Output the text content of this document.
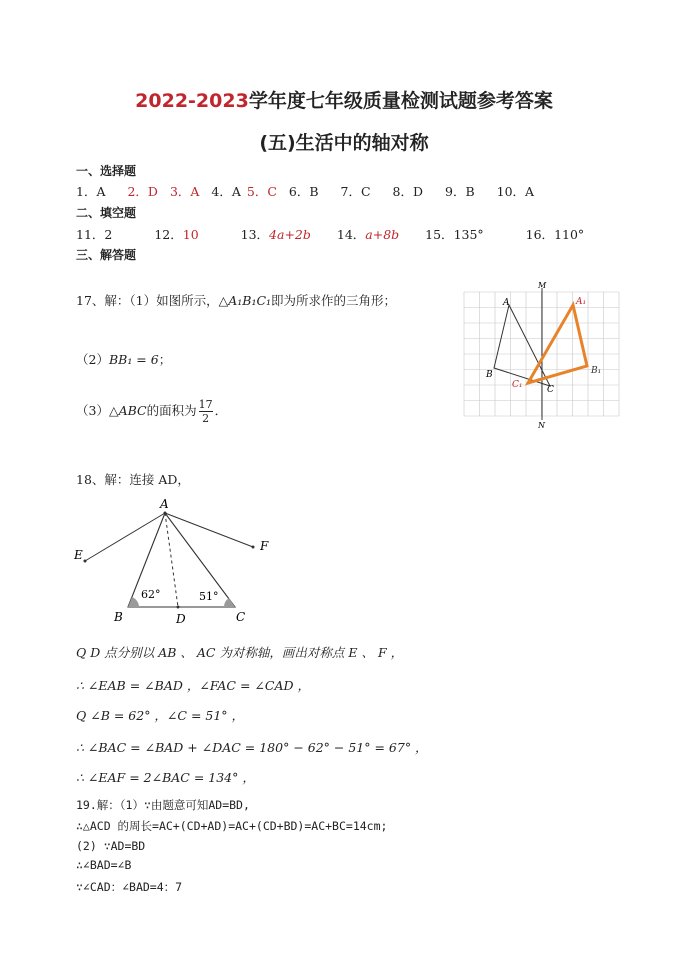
2022-2023学年度七年级质量检测试题参考答案
(五)生活中的轴对称
一、选择题
1．A 2．D 3．A 4．A 5．C 6．B 7．C 8．D 9．B 10．A
二、填空题
11．2	12．10	13．4a+2b 14．a+8b 15．135°	16．110°
三、解答题
17、解：（1）如图所示，△A₁B₁C₁即为所求作的三角形；
（2）BB₁ = 6；
（3）△ABC的面积为 $\frac{17}{2}$ ．
A
B
C
M
N
A₁
B₁
C₁
18、解：连接 AD，
A
B	C
D
E
F
62°	51°
Q D 点分别以 AB 、 AC 为对称轴，画出对称点 E 、 F ，
∴ ∠EAB = ∠BAD ，∠FAC = ∠CAD ，
Q ∠B = 62° ，∠C = 51° ，
∴ ∠BAC = ∠BAD + ∠DAC = 180° − 62° − 51° = 67° ，
∴ ∠EAF = 2∠BAC = 134° ，
19.解：（1）∵由题意可知AD=BD,
∴△ACD 的周长=AC+(CD+AD)=AC+(CD+BD)=AC+BC=14cm;
(2) ∵AD=BD
∴∠BAD=∠B
∵∠CAD：∠BAD=4：7
